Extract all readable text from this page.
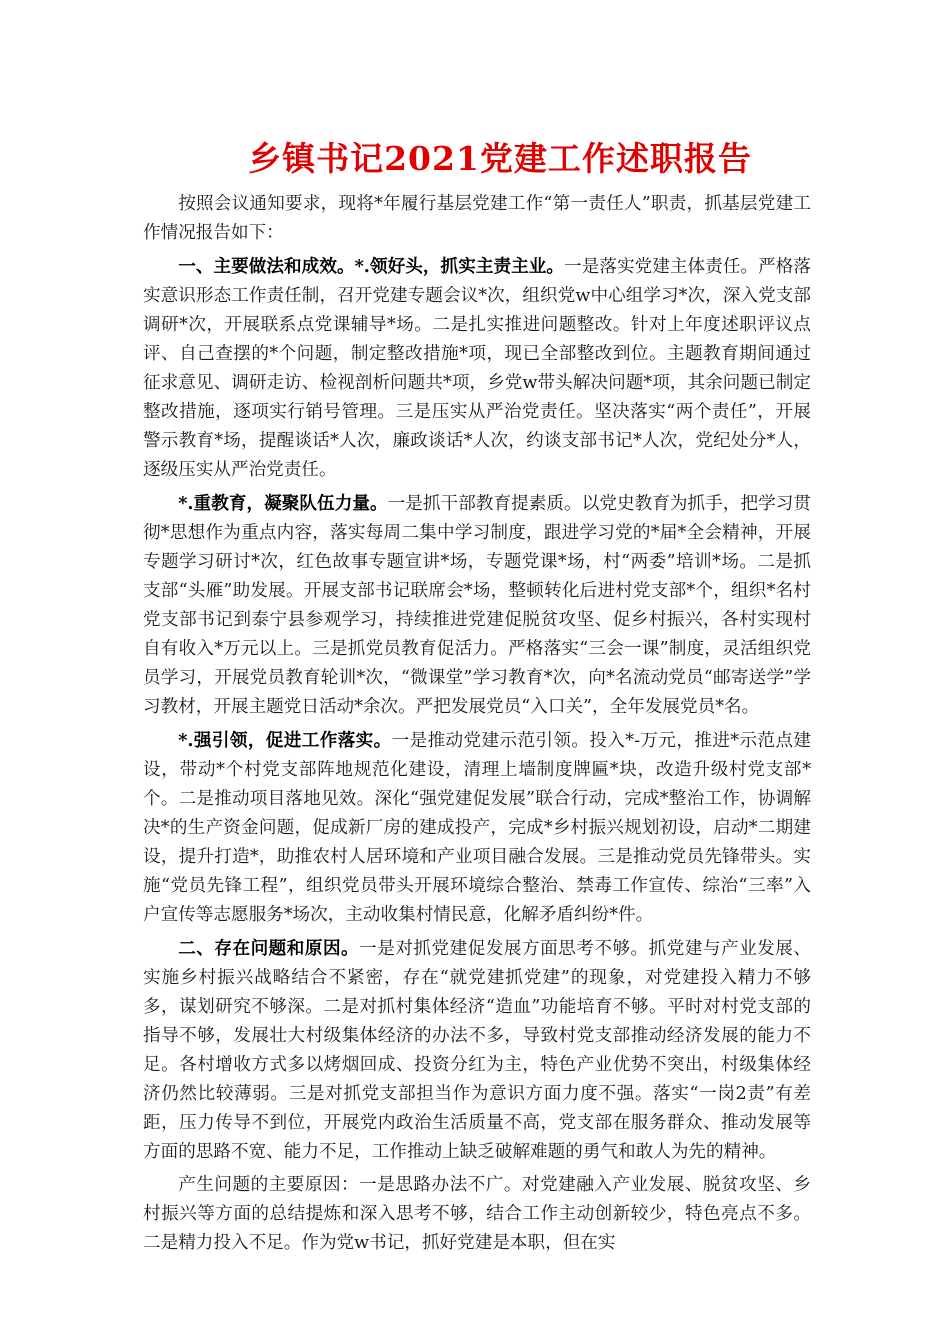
乡镇书记2021党建工作述职报告

按照会议通知要求，现将*年履行基层党建工作“第一责任人”职责，抓基层党建工作情况报告如下：

一、主要做法和成效。*.领好头，抓实主责主业。一是落实党建主体责任。严格落实意识形态工作责任制，召开党建专题会议*次，组织党w中心组学习*次，深入党支部调研*次，开展联系点党课辅导*场。二是扎实推进问题整改。针对上年度述职评议点评、自己查摆的*个问题，制定整改措施*项，现已全部整改到位。主题教育期间通过征求意见、调研走访、检视剖析问题共*项，乡党w带头解决问题*项，其余问题已制定整改措施，逐项实行销号管理。三是压实从严治党责任。坚决落实“两个责任”，开展警示教育*场，提醒谈话*人次，廉政谈话*人次，约谈支部书记*人次，党纪处分*人，逐级压实从严治党责任。

*.重教育，凝聚队伍力量。一是抓干部教育提素质。以党史教育为抓手，把学习贯彻*思想作为重点内容，落实每周二集中学习制度，跟进学习党的*届*全会精神，开展专题学习研讨*次，红色故事专题宣讲*场，专题党课*场，村“两委”培训*场。二是抓支部“头雁”助发展。开展支部书记联席会*场，整顿转化后进村党支部*个，组织*名村党支部书记到泰宁县参观学习，持续推进党建促脱贫攻坚、促乡村振兴，各村实现村自有收入*万元以上。三是抓党员教育促活力。严格落实“三会一课”制度，灵活组织党员学习，开展党员教育轮训*次，“微课堂”学习教育*次，向*名流动党员“邮寄送学”学习教材，开展主题党日活动*余次。严把发展党员“入口关”，全年发展党员*名。

*.强引领，促进工作落实。一是推动党建示范引领。投入*-万元，推进*示范点建设，带动*个村党支部阵地规范化建设，清理上墙制度牌匾*块，改造升级村党支部*个。二是推动项目落地见效。深化“强党建促发展”联合行动，完成*整治工作，协调解决*的生产资金问题，促成新厂房的建成投产，完成*乡村振兴规划初设，启动*二期建设，提升打造*，助推农村人居环境和产业项目融合发展。三是推动党员先锋带头。实施“党员先锋工程”，组织党员带头开展环境综合整治、禁毒工作宣传、综治“三率”入户宣传等志愿服务*场次，主动收集村情民意，化解矛盾纠纷*件。

二、存在问题和原因。一是对抓党建促发展方面思考不够。抓党建与产业发展、实施乡村振兴战略结合不紧密，存在“就党建抓党建”的现象，对党建投入精力不够多，谋划研究不够深。二是对抓村集体经济“造血”功能培育不够。平时对村党支部的指导不够，发展壮大村级集体经济的办法不多，导致村党支部推动经济发展的能力不足。各村增收方式多以烤烟回成、投资分红为主，特色产业优势不突出，村级集体经济仍然比较薄弱。三是对抓党支部担当作为意识方面力度不强。落实“一岗2责”有差距，压力传导不到位，开展党内政治生活质量不高，党支部在服务群众、推动发展等方面的思路不宽、能力不足，工作推动上缺乏破解难题的勇气和敢人为先的精神。

产生问题的主要原因：一是思路办法不广。对党建融入产业发展、脱贫攻坚、乡村振兴等方面的总结提炼和深入思考不够，结合工作主动创新较少，特色亮点不多。二是精力投入不足。作为党w书记，抓好党建是本职，但在实
